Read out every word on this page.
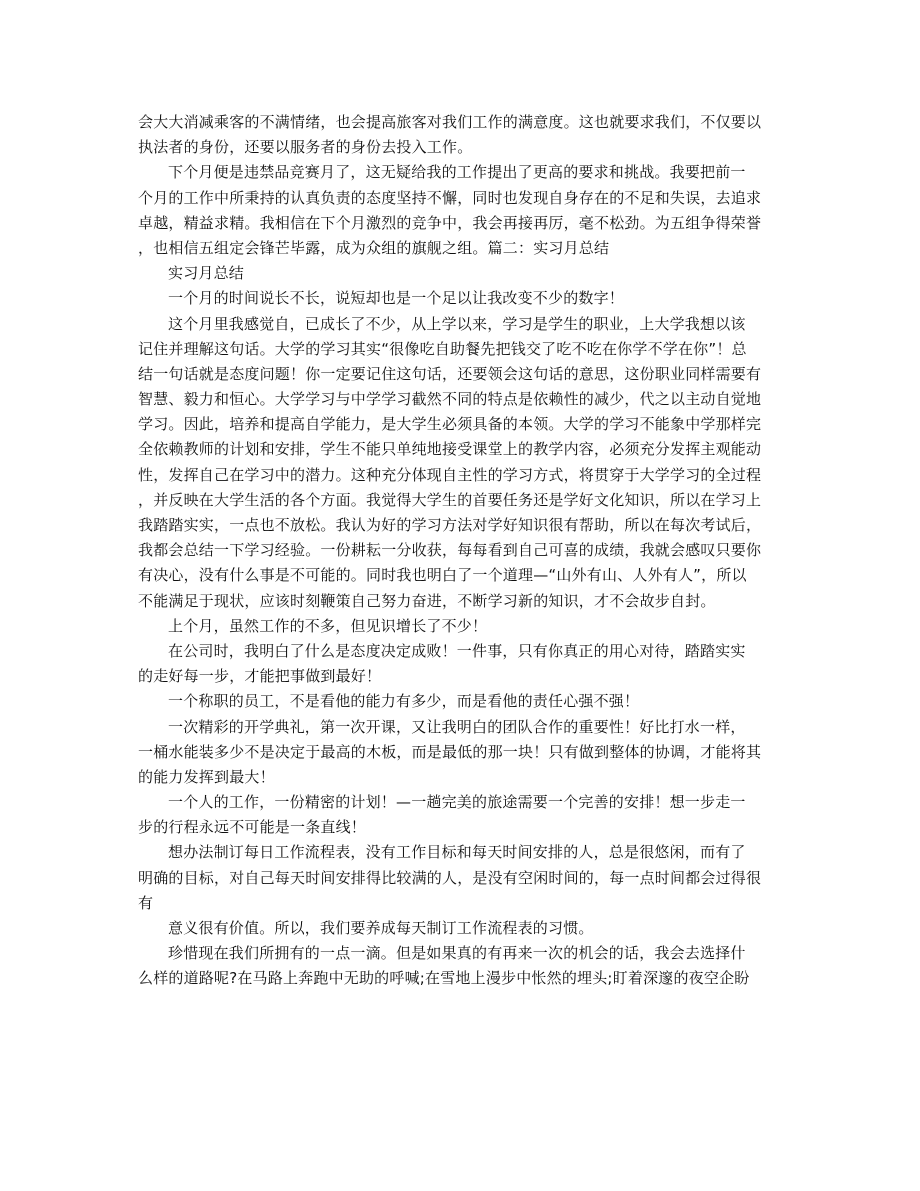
会大大消减乘客的不满情绪，也会提高旅客对我们工作的满意度。这也就要求我们，不仅要以
执法者的身份，还要以服务者的身份去投入工作。
下个月便是违禁品竞赛月了，这无疑给我的工作提出了更高的要求和挑战。我要把前一
个月的工作中所秉持的认真负责的态度坚持不懈，同时也发现自身存在的不足和失误，去追求
卓越，精益求精。我相信在下个月激烈的竞争中，我会再接再厉，毫不松劲。为五组争得荣誉
，也相信五组定会锋芒毕露，成为众组的旗舰之组。篇二：实习月总结
实习月总结
一个月的时间说长不长，说短却也是一个足以让我改变不少的数字！
这个月里我感觉自，已成长了不少，从上学以来，学习是学生的职业，上大学我想以该
记住并理解这句话。大学的学习其实“很像吃自助餐先把钱交了吃不吃在你学不学在你”！总
结一句话就是态度问题！你一定要记住这句话，还要领会这句话的意思，这份职业同样需要有
智慧、毅力和恒心。大学学习与中学学习截然不同的特点是依赖性的减少，代之以主动自觉地
学习。因此，培养和提高自学能力，是大学生必须具备的本领。大学的学习不能象中学那样完
全依赖教师的计划和安排，学生不能只单纯地接受课堂上的教学内容，必须充分发挥主观能动
性，发挥自己在学习中的潜力。这种充分体现自主性的学习方式，将贯穿于大学学习的全过程
，并反映在大学生活的各个方面。我觉得大学生的首要任务还是学好文化知识，所以在学习上
我踏踏实实，一点也不放松。我认为好的学习方法对学好知识很有帮助，所以在每次考试后，
我都会总结一下学习经验。一份耕耘一分收获，每每看到自己可喜的成绩，我就会感叹只要你
有决心，没有什么事是不可能的。同时我也明白了一个道理—“山外有山、人外有人”，所以
不能满足于现状，应该时刻鞭策自己努力奋进，不断学习新的知识，才不会故步自封。
上个月，虽然工作的不多，但见识增长了不少！
在公司时，我明白了什么是态度决定成败！一件事，只有你真正的用心对待，踏踏实实
的走好每一步，才能把事做到最好！
一个称职的员工，不是看他的能力有多少，而是看他的责任心强不强！
一次精彩的开学典礼，第一次开课，又让我明白的团队合作的重要性！好比打水一样，
一桶水能装多少不是决定于最高的木板，而是最低的那一块！只有做到整体的协调，才能将其
的能力发挥到最大！
一个人的工作，一份精密的计划！—一趟完美的旅途需要一个完善的安排！想一步走一
步的行程永远不可能是一条直线！
想办法制订每日工作流程表，没有工作目标和每天时间安排的人，总是很悠闲，而有了
明确的目标，对自己每天时间安排得比较满的人，是没有空闲时间的，每一点时间都会过得很
有
意义很有价值。所以，我们要养成每天制订工作流程表的习惯。
珍惜现在我们所拥有的一点一滴。但是如果真的有再来一次的机会的话，我会去选择什
么样的道路呢?在马路上奔跑中无助的呼喊;在雪地上漫步中怅然的埋头;盯着深邃的夜空企盼
